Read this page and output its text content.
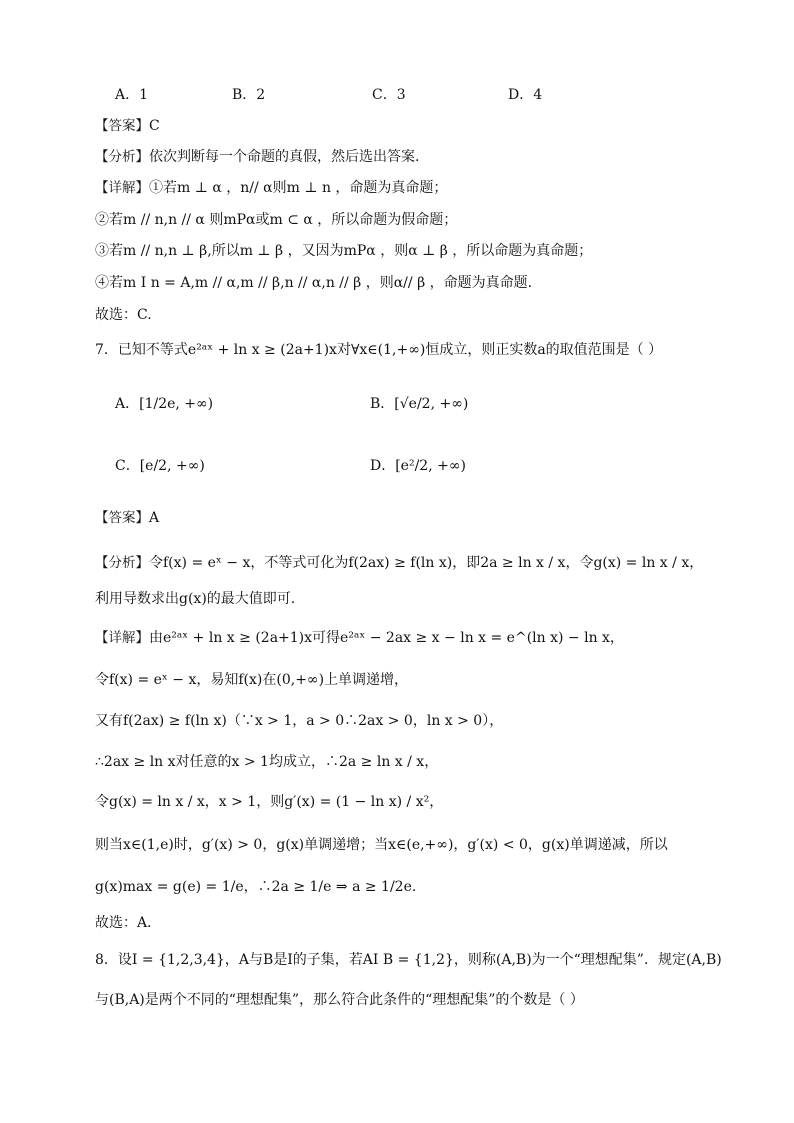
A．1	B．2	C．3	D．4
【答案】C
【分析】依次判断每一个命题的真假，然后选出答案.
【详解】①若m ⊥ α ，n// α则m ⊥ n ，命题为真命题；
②若m // n,n // α 则mPα或m ⊂ α ，所以命题为假命题；
③若m // n,n ⊥ β,所以m ⊥ β ，又因为mPα ，则α ⊥ β ，所以命题为真命题；
④若m I n = A,m // α,m // β,n // α,n // β ，则α// β ，命题为真命题.
故选：C.
7．已知不等式e²ᵃˣ + ln x ≥ (2a+1)x对∀x∈(1,+∞)恒成立，则正实数a的取值范围是（ ）
A．[1/2e, +∞)	B．[√e/2, +∞)
C．[e/2, +∞)	D．[e²/2, +∞)
【答案】A
【分析】令f(x) = eˣ − x，不等式可化为f(2ax) ≥ f(ln x)，即2a ≥ ln x / x，令g(x) = ln x / x，利用导数求出g(x)的最大值即可.
【详解】由e²ᵃˣ + ln x ≥ (2a+1)x可得e²ᵃˣ − 2ax ≥ x − ln x = e^(ln x) − ln x，
令f(x) = eˣ − x，易知f(x)在(0,+∞)上单调递增，
又有f(2ax) ≥ f(ln x)（∵x > 1，a > 0∴2ax > 0，ln x > 0），
∴2ax ≥ ln x对任意的x > 1均成立，∴2a ≥ ln x / x，
令g(x) = ln x / x，x > 1，则g′(x) = (1 − ln x) / x²，
则当x∈(1,e)时，g′(x) > 0，g(x)单调递增；当x∈(e,+∞)，g′(x) < 0，g(x)单调递减，所以
g(x)max = g(e) = 1/e，∴2a ≥ 1/e ⇒ a ≥ 1/2e.
故选：A．
8．设I = {1,2,3,4}，A与B是I的子集，若AI B = {1,2}，则称(A,B)为一个“理想配集”．规定(A,B)
与(B,A)是两个不同的“理想配集”，那么符合此条件的“理想配集”的个数是（ ）
